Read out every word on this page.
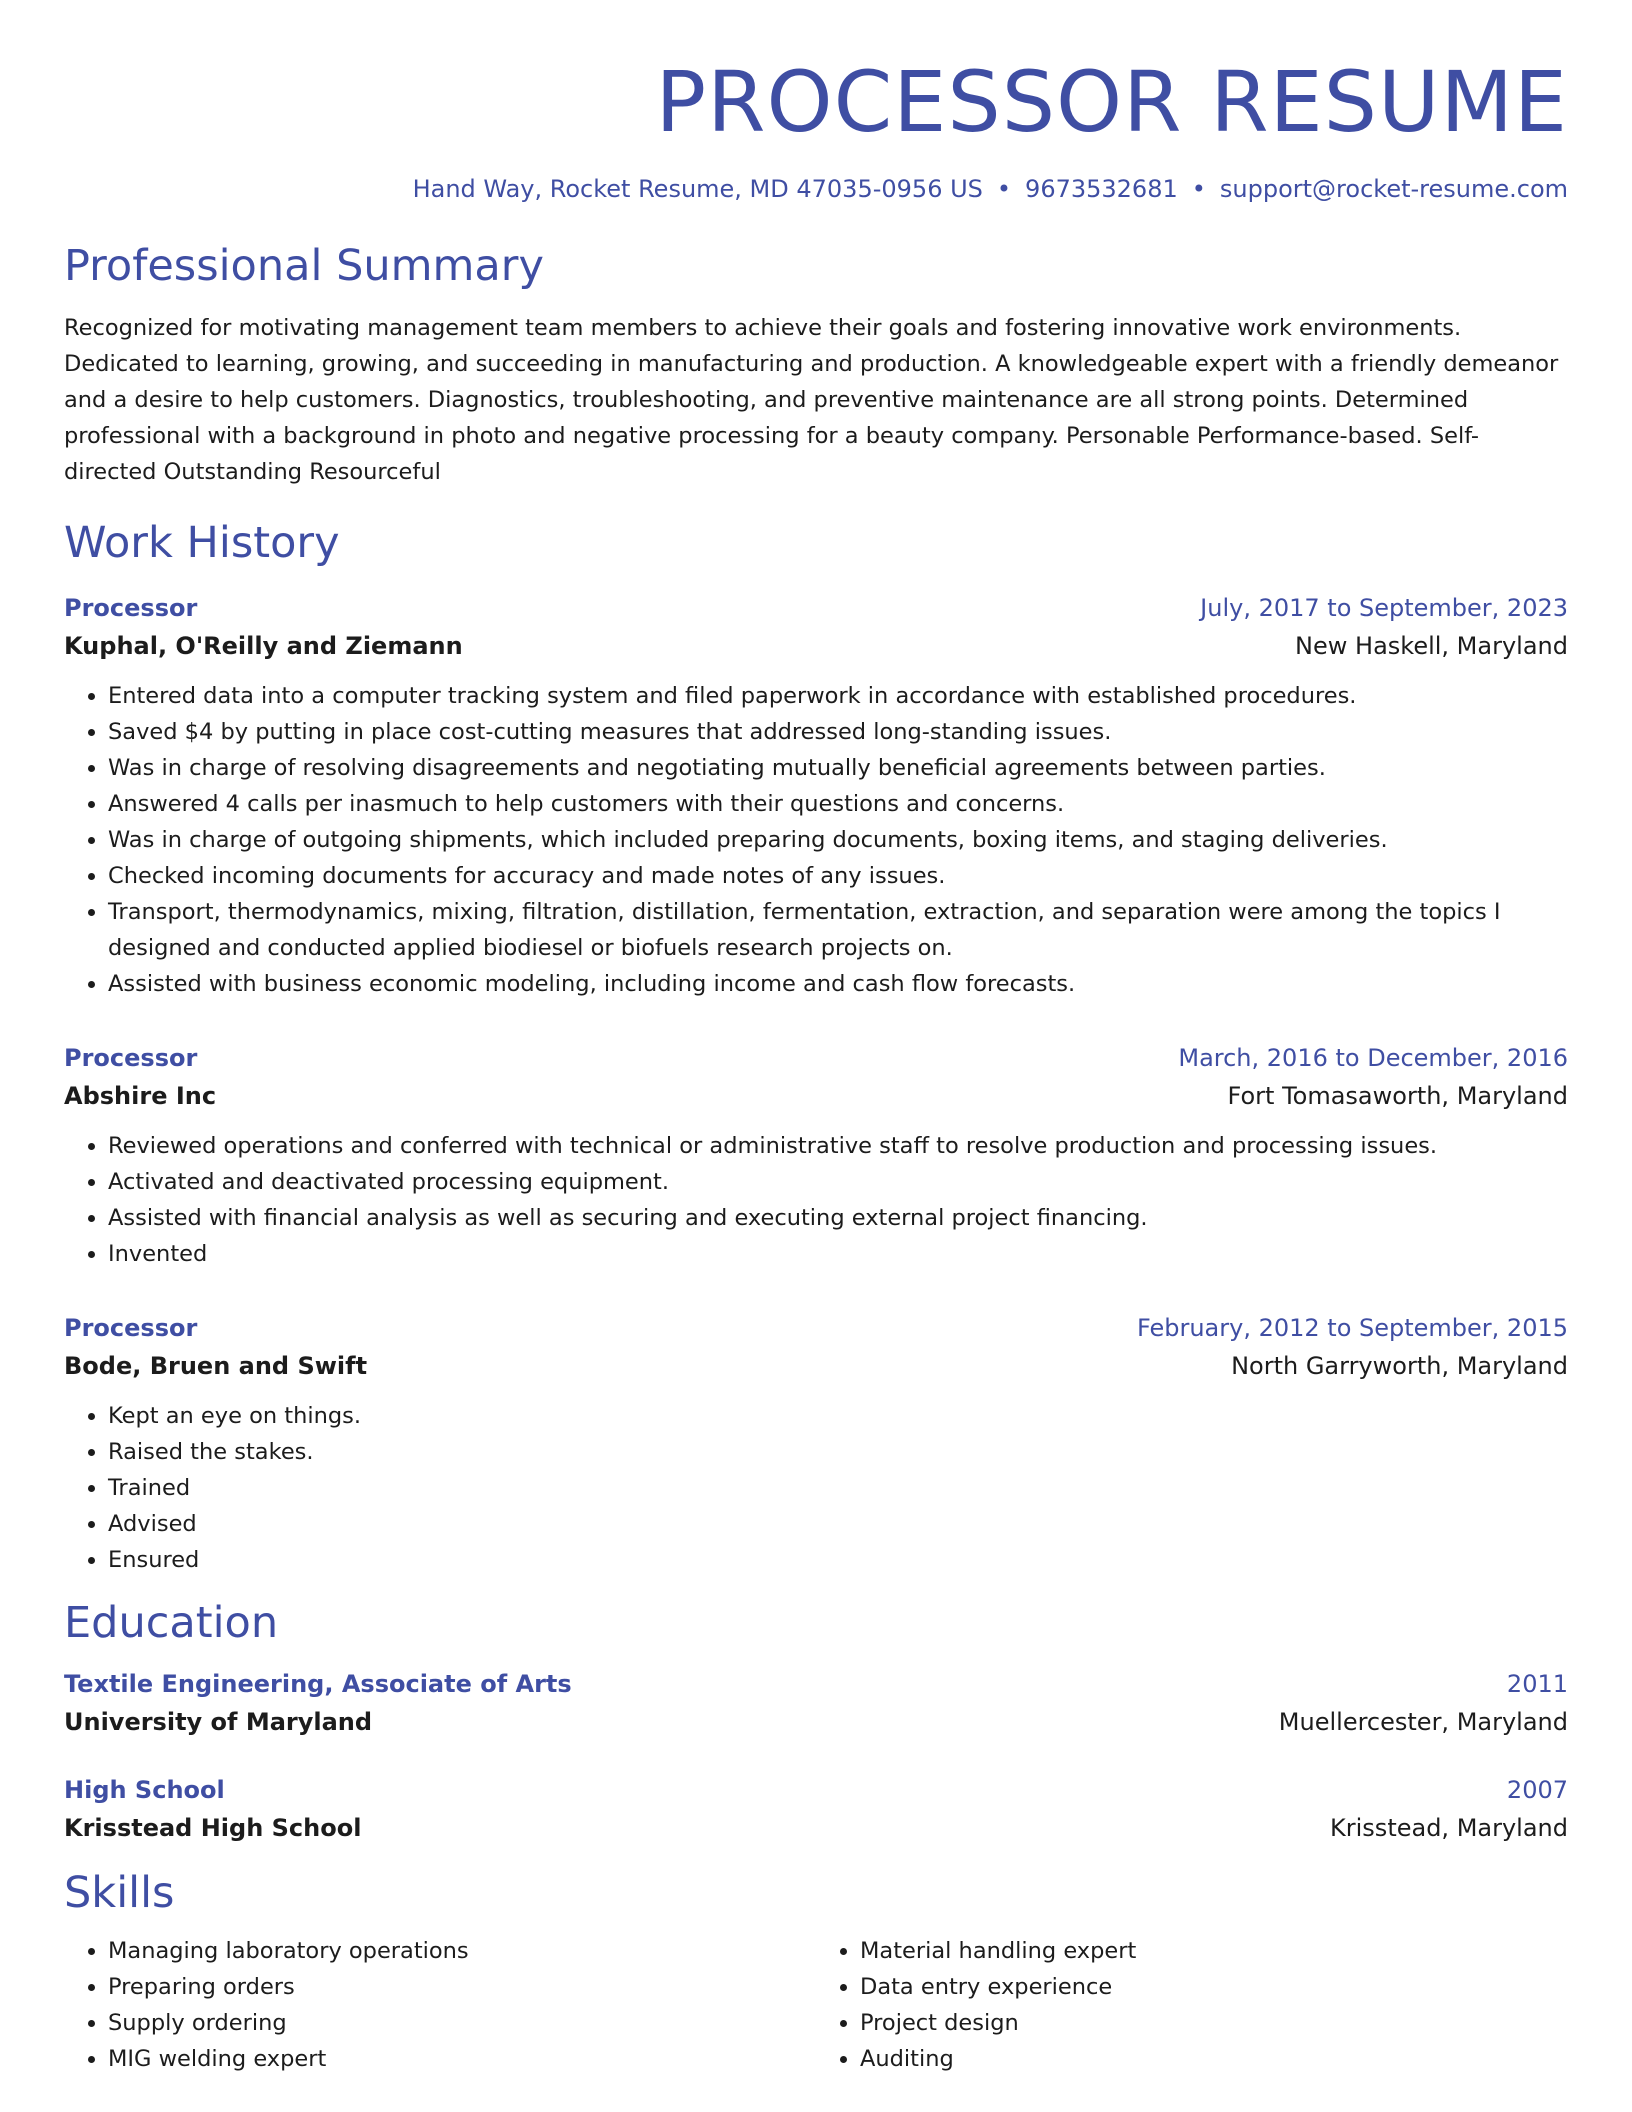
PROCESSOR RESUME
Hand Way, Rocket Resume, MD 47035-0956 US • 9673532681 • support@rocket-resume.com
Professional Summary
Recognized for motivating management team members to achieve their goals and fostering innovative work environments. Dedicated to learning, growing, and succeeding in manufacturing and production. A knowledgeable expert with a friendly demeanor and a desire to help customers. Diagnostics, troubleshooting, and preventive maintenance are all strong points. Determined professional with a background in photo and negative processing for a beauty company. Personable Performance-based. Self-directed Outstanding Resourceful
Work History
Processor	July, 2017 to September, 2023
Kuphal, O'Reilly and Ziemann	New Haskell, Maryland
• Entered data into a computer tracking system and filed paperwork in accordance with established procedures.
• Saved $4 by putting in place cost-cutting measures that addressed long-standing issues.
• Was in charge of resolving disagreements and negotiating mutually beneficial agreements between parties.
• Answered 4 calls per inasmuch to help customers with their questions and concerns.
• Was in charge of outgoing shipments, which included preparing documents, boxing items, and staging deliveries.
• Checked incoming documents for accuracy and made notes of any issues.
• Transport, thermodynamics, mixing, filtration, distillation, fermentation, extraction, and separation were among the topics I designed and conducted applied biodiesel or biofuels research projects on.
• Assisted with business economic modeling, including income and cash flow forecasts.
Processor	March, 2016 to December, 2016
Abshire Inc	Fort Tomasaworth, Maryland
• Reviewed operations and conferred with technical or administrative staff to resolve production and processing issues.
• Activated and deactivated processing equipment.
• Assisted with financial analysis as well as securing and executing external project financing.
• Invented
Processor	February, 2012 to September, 2015
Bode, Bruen and Swift	North Garryworth, Maryland
• Kept an eye on things.
• Raised the stakes.
• Trained
• Advised
• Ensured
Education
Textile Engineering, Associate of Arts	2011
University of Maryland	Muellercester, Maryland
High School	2007
Krisstead High School	Krisstead, Maryland
Skills
• Managing laboratory operations
• Preparing orders
• Supply ordering
• MIG welding expert
• Material handling expert
• Data entry experience
• Project design
• Auditing
